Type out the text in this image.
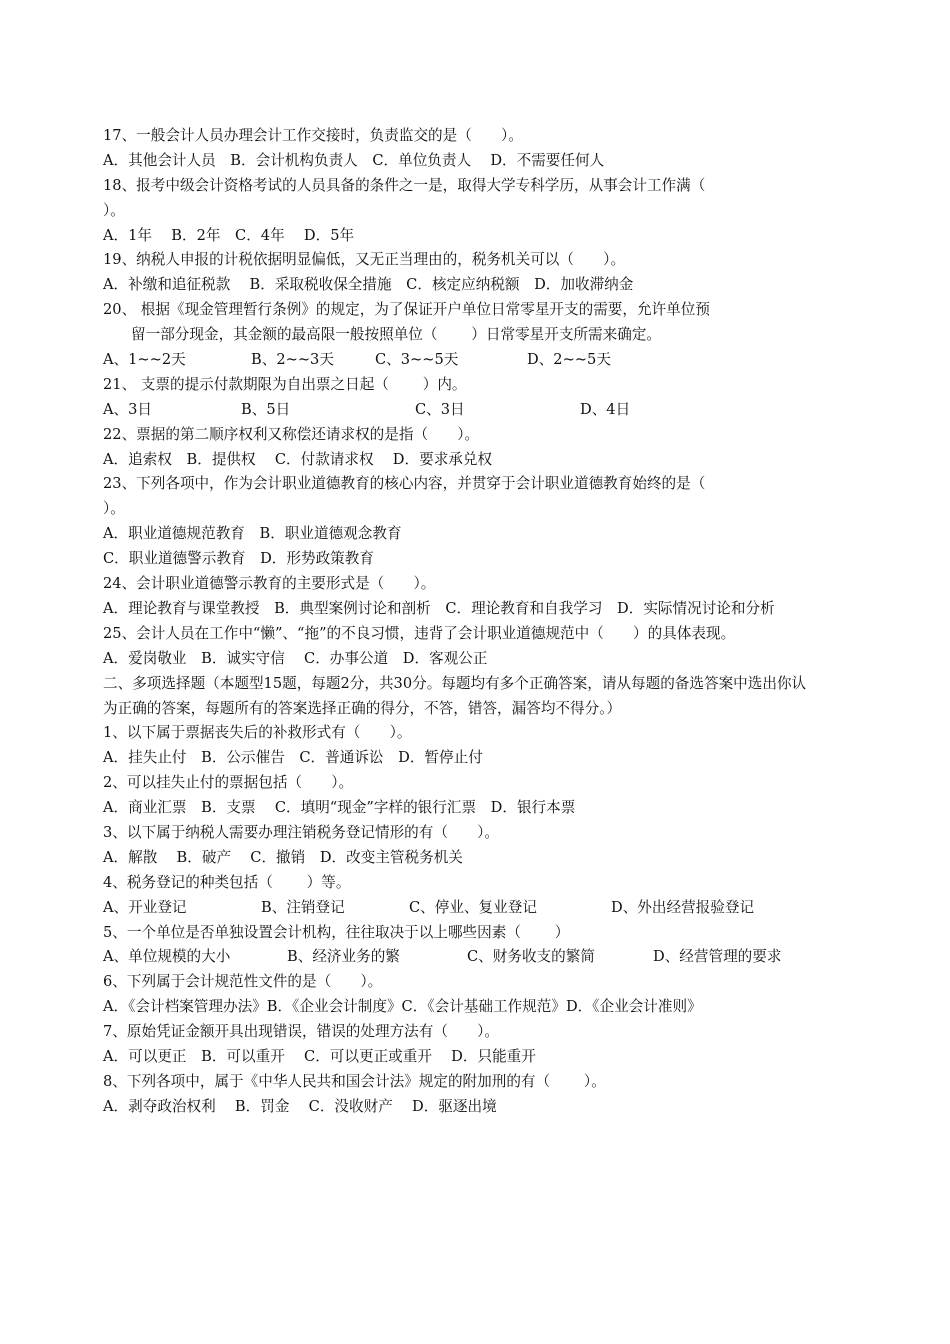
17、一般会计人员办理会计工作交接时，负责监交的是（　　）。
A．其他会计人员　B．会计机构负责人　C．单位负责人　 D．不需要任何人
18、报考中级会计资格考试的人员具备的条件之一是，取得大学专科学历，从事会计工作满（
）。
A．1年　 B．2年　C．4年　 D．5年
19、纳税人申报的计税依据明显偏低，又无正当理由的，税务机关可以（　　）。
A．补缴和追征税款　 B．采取税收保全措施　C．核定应纳税额　D．加收滞纳金
20、 根据《现金管理暂行条例》的规定，为了保证开户单位日常零星开支的需要，允许单位预
留一部分现金，其金额的最高限一般按照单位（　　 ）日常零星开支所需来确定。
A、1~~2天	B、2~~3天	C、3~~5天	D、2~~5天
21、 支票的提示付款期限为自出票之日起（　　 ）内。
A、3日	B、5日	C、3日	D、4日
22、票据的第二顺序权利又称偿还请求权的是指（　　）。
A．追索权　B．提供权　 C．付款请求权　 D．要求承兑权
23、下列各项中，作为会计职业道德教育的核心内容，并贯穿于会计职业道德教育始终的是（
）。
A．职业道德规范教育　B．职业道德观念教育
C．职业道德警示教育　D．形势政策教育
24、会计职业道德警示教育的主要形式是（　　）。
A．理论教育与课堂教授　B．典型案例讨论和剖析　C．理论教育和自我学习　D．实际情况讨论和分析
25、会计人员在工作中“懒”、“拖”的不良习惯，违背了会计职业道德规范中（　　）的具体表现。
A．爱岗敬业　B．诚实守信　 C．办事公道　D．客观公正
二、多项选择题（本题型15题，每题2分，共30分。每题均有多个正确答案，请从每题的备选答案中选出你认为正确的答案，每题所有的答案选择正确的得分，不答，错答，漏答均不得分。）
1、以下属于票据丧失后的补救形式有（　　）。
A．挂失止付　B．公示催告　C．普通诉讼　D．暂停止付
2、可以挂失止付的票据包括（　　）。
A．商业汇票　B．支票　 C．填明“现金”字样的银行汇票　D．银行本票
3、以下属于纳税人需要办理注销税务登记情形的有（　　）。
A．解散　 B．破产　 C．撤销　D．改变主管税务机关
4、税务登记的种类包括（　　 ）等。
A、开业登记	B、注销登记	C、停业、复业登记	D、外出经营报验登记
5、一个单位是否单独设置会计机构，往往取决于以上哪些因素（　　 ）
A、单位规模的大小	B、经济业务的繁	C、财务收支的繁简	D、经营管理的要求
6、下列属于会计规范性文件的是（　　）。
A．《会计档案管理办法》B．《企业会计制度》C．《会计基础工作规范》D．《企业会计准则》
7、原始凭证金额开具出现错误，错误的处理方法有（　　）。
A．可以更正　B．可以重开　 C．可以更正或重开　 D．只能重开
8、下列各项中，属于《中华人民共和国会计法》规定的附加刑的有（　　 ）。
A．剥夺政治权利　 B．罚金　 C．没收财产　 D．驱逐出境
